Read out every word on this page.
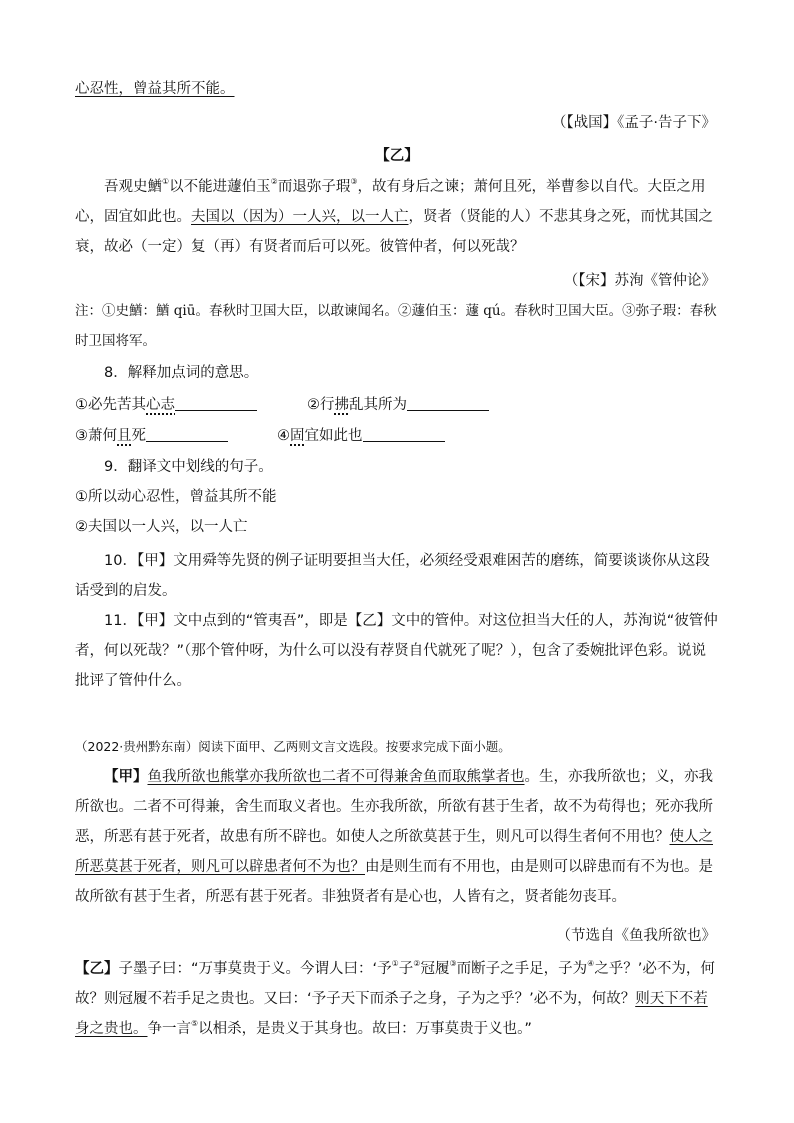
心忍性，曾益其所不能。

（【战国】《孟子·告子下》

【乙】

吾观史鰌①以不能进蘧伯玉②而退弥子瑕③，故有身后之谏；萧何且死，举曹参以自代。大臣之用心，固宜如此也。夫国以（因为）一人兴，以一人亡，贤者（贤能的人）不悲其身之死，而忧其国之衰，故必（一定）复（再）有贤者而后可以死。彼管仲者，何以死哉？

（【宋】苏洵《管仲论》

注：①史鰌：鰌 qiū。春秋时卫国大臣，以敢谏闻名。②蘧伯玉：蘧 qú。春秋时卫国大臣。③弥子瑕：春秋时卫国将军。

8．解释加点词的意思。

①必先苦其心志	②行拂乱其所为
③萧何且死	④固宜如此也

9．翻译文中划线的句子。

①所以动心忍性，曾益其所不能

②夫国以一人兴，以一人亡

10．【甲】文用舜等先贤的例子证明要担当大任，必须经受艰难困苦的磨练，简要谈谈你从这段话受到的启发。

11．【甲】文中点到的“管夷吾”，即是【乙】文中的管仲。对这位担当大任的人，苏洵说“彼管仲者，何以死哉？”（那个管仲呀，为什么可以没有荐贤自代就死了呢？），包含了委婉批评色彩。说说批评了管仲什么。

（2022·贵州黔东南）阅读下面甲、乙两则文言文选段。按要求完成下面小题。

【甲】鱼我所欲也熊掌亦我所欲也二者不可得兼舍鱼而取熊掌者也。生，亦我所欲也；义，亦我所欲也。二者不可得兼，舍生而取义者也。生亦我所欲，所欲有甚于生者，故不为苟得也；死亦我所恶，所恶有甚于死者，故患有所不辟也。如使人之所欲莫甚于生，则凡可以得生者何不用也？使人之所恶莫甚于死者，则凡可以辟患者何不为也？由是则生而有不用也，由是则可以辟患而有不为也。是故所欲有甚于生者，所恶有甚于死者。非独贤者有是心也，人皆有之，贤者能勿丧耳。

（节选自《鱼我所欲也》

【乙】子墨子曰：“万事莫贵于义。今谓人曰：‘予①子②冠履③而断子之手足，子为④之乎？’必不为，何故？则冠履不若手足之贵也。又曰：‘予子天下而杀子之身，子为之乎？’必不为，何故？则天下不若身之贵也。争一言⑤以相杀，是贵义于其身也。故曰：万事莫贵于义也。”
